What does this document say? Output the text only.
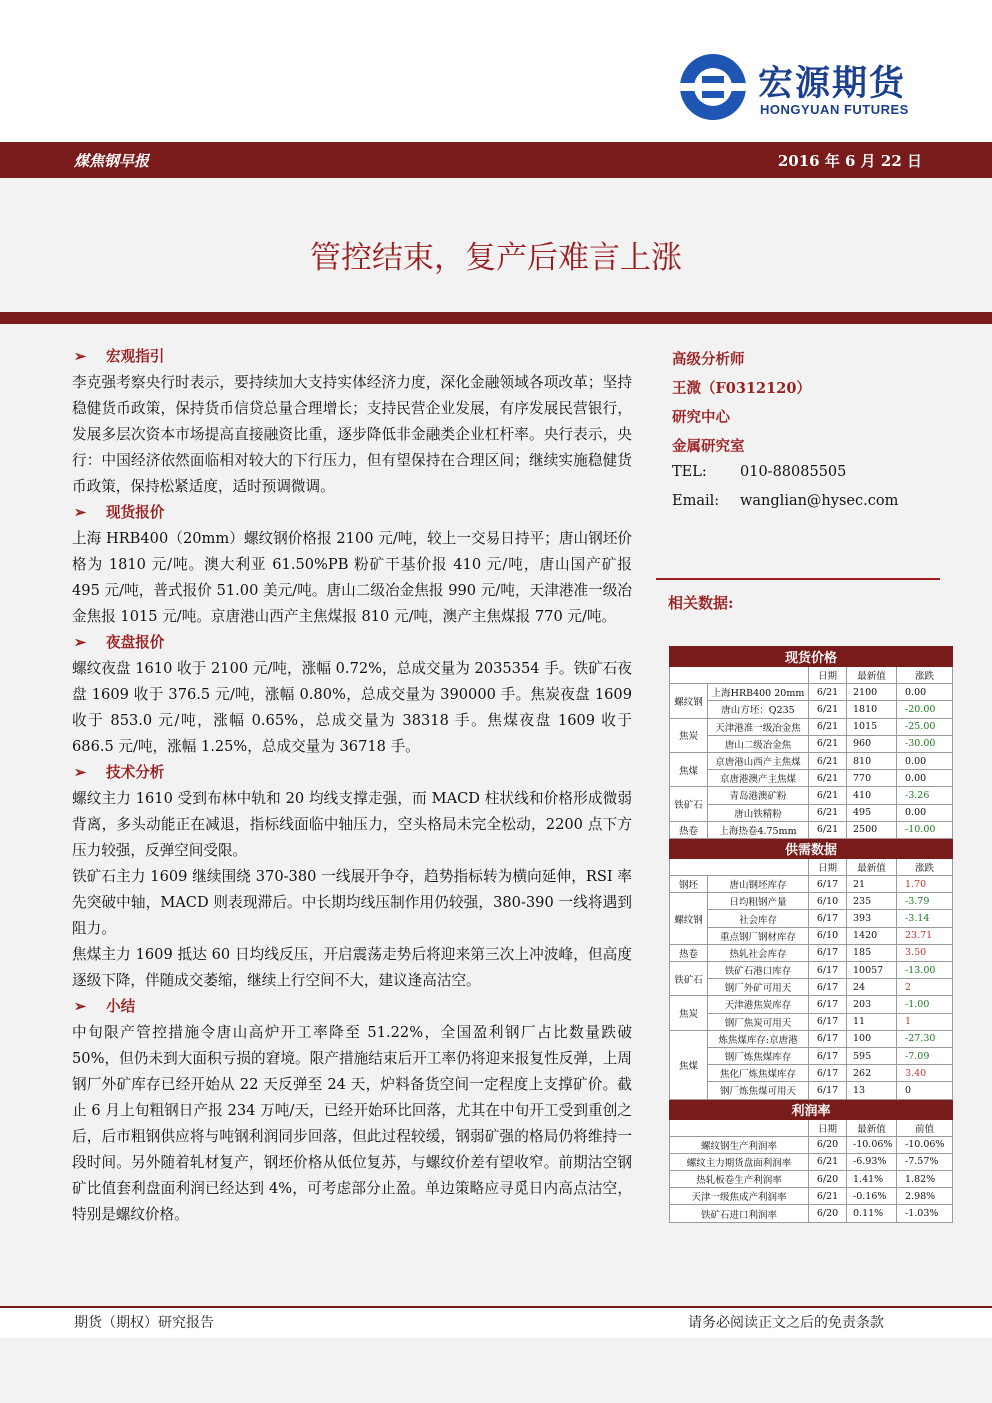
宏源期货
HONGYUAN FUTURES
煤焦钢早报	2016 年 6 月 22 日
管控结束，复产后难言上涨
➢ 宏观指引

李克强考察央行时表示，要持续加大支持实体经济力度，深化金融领域各项改革；坚持稳健货币政策，保持货币信贷总量合理增长；支持民营企业发展，有序发展民营银行，发展多层次资本市场提高直接融资比重，逐步降低非金融类企业杠杆率。央行表示，央行：中国经济依然面临相对较大的下行压力，但有望保持在合理区间；继续实施稳健货币政策，保持松紧适度，适时预调微调。

➢ 现货报价

上海 HRB400（20mm）螺纹钢价格报 2100 元/吨，较上一交易日持平；唐山钢坯价格为 1810 元/吨。澳大利亚 61.50%PB 粉矿干基价报 410 元/吨，唐山国产矿报 495 元/吨，普式报价 51.00 美元/吨。唐山二级冶金焦报 990 元/吨，天津港准一级冶金焦报 1015 元/吨。京唐港山西产主焦煤报 810 元/吨，澳产主焦煤报 770 元/吨。

➢ 夜盘报价

螺纹夜盘 1610 收于 2100 元/吨，涨幅 0.72%，总成交量为 2035354 手。铁矿石夜盘 1609 收于 376.5 元/吨，涨幅 0.80%，总成交量为 390000 手。焦炭夜盘 1609 收于 853.0 元/吨，涨幅 0.65%，总成交量为 38318 手。焦煤夜盘 1609 收于 686.5 元/吨，涨幅 1.25%，总成交量为 36718 手。

➢ 技术分析

螺纹主力 1610 受到布林中轨和 20 均线支撑走强，而 MACD 柱状线和价格形成微弱背离，多头动能正在减退，指标线面临中轴压力，空头格局未完全松动，2200 点下方压力较强，反弹空间受限。

铁矿石主力 1609 继续围绕 370-380 一线展开争夺，趋势指标转为横向延伸，RSI 率先突破中轴，MACD 则表现滞后。中长期均线压制作用仍较强，380-390 一线将遇到阻力。

焦煤主力 1609 抵达 60 日均线反压，开启震荡走势后将迎来第三次上冲波峰，但高度逐级下降，伴随成交萎缩，继续上行空间不大，建议逢高沽空。

➢ 小结

中旬限产管控措施令唐山高炉开工率降至 51.22%，全国盈利钢厂占比数量跌破 50%，但仍未到大面积亏损的窘境。限产措施结束后开工率仍将迎来报复性反弹，上周钢厂外矿库存已经开始从 22 天反弹至 24 天，炉料备货空间一定程度上支撑矿价。截止 6 月上旬粗钢日产报 234 万吨/天，已经开始环比回落，尤其在中旬开工受到重创之后，后市粗钢供应将与吨钢利润同步回落，但此过程较缓，钢弱矿强的格局仍将维持一段时间。另外随着轧材复产，钢坯价格从低位复苏，与螺纹价差有望收窄。前期沽空钢矿比值套利盘面利润已经达到 4%，可考虑部分止盈。单边策略应寻觅日内高点沽空，特别是螺纹价格。

高级分析师
王溦（F0312120）
研究中心
金属研究室
TEL: 010-88085505
Email: wanglian@hysec.com
相关数据:
现货价格				
		日期	最新值	涨跌
螺纹钢	上海HRB400 20mm	6/21	2100	0.00
	唐山方坯：Q235	6/21	1810	-20.00
焦炭	天津港准一级冶金焦	6/21	1015	-25.00
	唐山二级冶金焦	6/21	960	-30.00
焦煤	京唐港山西产主焦煤	6/21	810	0.00
	京唐港澳产主焦煤	6/21	770	0.00
铁矿石	青岛港澳矿粉	6/21	410	-3.26
	唐山铁精粉	6/21	495	0.00
热卷	上海热卷4.75mm	6/21	2500	-10.00
供需数据				
		日期	最新值	涨跌
钢坯	唐山钢坯库存	6/17	21	1.70
螺纹钢	日均粗钢产量	6/10	235	-3.79
	社会库存	6/17	393	-3.14
	重点钢厂钢材库存	6/10	1420	23.71
热卷	热轧社会库存	6/17	185	3.50
铁矿石	铁矿石港口库存	6/17	10057	-13.00
	钢厂外矿可用天	6/17	24	2
焦炭	天津港焦炭库存	6/17	203	-1.00
	钢厂焦炭可用天	6/17	11	1
焦煤	炼焦煤库存:京唐港	6/17	100	-27.30
	钢厂炼焦煤库存	6/17	595	-7.09
	焦化厂炼焦煤库存	6/17	262	3.40
	钢厂炼焦煤可用天	6/17	13	0
利润率				
		日期	最新值	前值
螺纹钢生产利润率		6/20	-10.06%	-10.06%
螺纹主力期货盘面利润率		6/21	-6.93%	-7.57%
热轧板卷生产利润率		6/20	1.41%	1.82%
天津一级焦成产利润率		6/21	-0.16%	2.98%
铁矿石进口利润率		6/20	0.11%	-1.03%
期货（期权）研究报告	请务必阅读正文之后的免责条款
